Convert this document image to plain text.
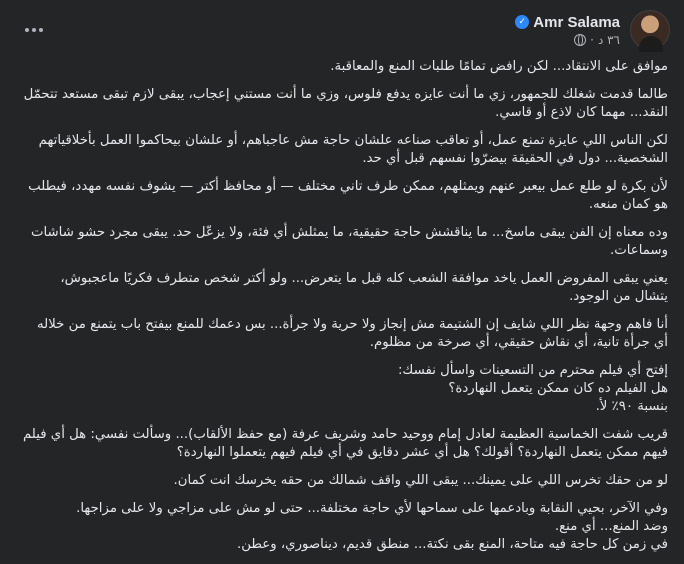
✓ Amr Salama
· ٣٦ د
موافق على الانتقاد... لكن رافض تمامًا طلبات المنع والمعاقبة.
طالما قدمت شغلك للجمهور، زي ما أنت عايزه يدفع فلوس، وزي ما أنت مستني إعجاب، يبقى لازم تبقى مستعد تتحمّل
النقد... مهما كان لاذع أو قاسي.
لكن الناس اللي عايزة تمنع عمل، أو تعاقب صناعه علشان حاجة مش عاجباهم، أو علشان بيحاكموا العمل بأخلاقياتهم
الشخصية... دول في الحقيقة بيضرّوا نفسهم قبل أي حد.
لأن بكرة لو طلع عمل بيعبر عنهم ويمثلهم، ممكن طرف تاني مختلف — أو محافظ أكتر — يشوف نفسه مهدد، فيطلب
هو كمان منعه.
وده معناه إن الفن يبقى ماسخ... ما يناقشش حاجة حقيقية، ما يمثلش أي فئة، ولا يزعّل حد. يبقى مجرد حشو شاشات
وسماعات.
يعني يبقى المفروض العمل ياخد موافقة الشعب كله قبل ما يتعرض... ولو أكتر شخص متطرف فكريًا ماعجبوش،
يتشال من الوجود.
أنا فاهم وجهة نظر اللي شايف إن الشتيمة مش إنجاز ولا حرية ولا جرأة... بس دعمك للمنع بيفتح باب يتمنع من خلاله
أي جرأة تانية، أي نقاش حقيقي، أي صرخة من مظلوم.
إفتح أي فيلم محترم من التسعينات واسأل نفسك:
هل الفيلم ده كان ممكن يتعمل النهاردة؟
بنسبة ٩٠٪ لأ.
قريب شفت الخماسية العظيمة لعادل إمام ووحيد حامد وشريف عرفة (مع حفظ الألقاب)... وسألت نفسي: هل أي فيلم
فيهم ممكن يتعمل النهاردة؟ أقولك؟ هل أي عشر دقايق في أي فيلم فيهم يتعملوا النهاردة؟
لو من حقك تخرس اللي على يمينك... يبقى اللي واقف شمالك من حقه يخرسك انت كمان.
وفي الآخر، بحيي النقابة وبادعمها على سماحها لأي حاجة مختلفة... حتى لو مش على مزاجي ولا على مزاجها.
وضد المنع... أي منع.
في زمن كل حاجة فيه متاحة، المنع بقى نكتة... منطق قديم، ديناصوري، وعطن.
